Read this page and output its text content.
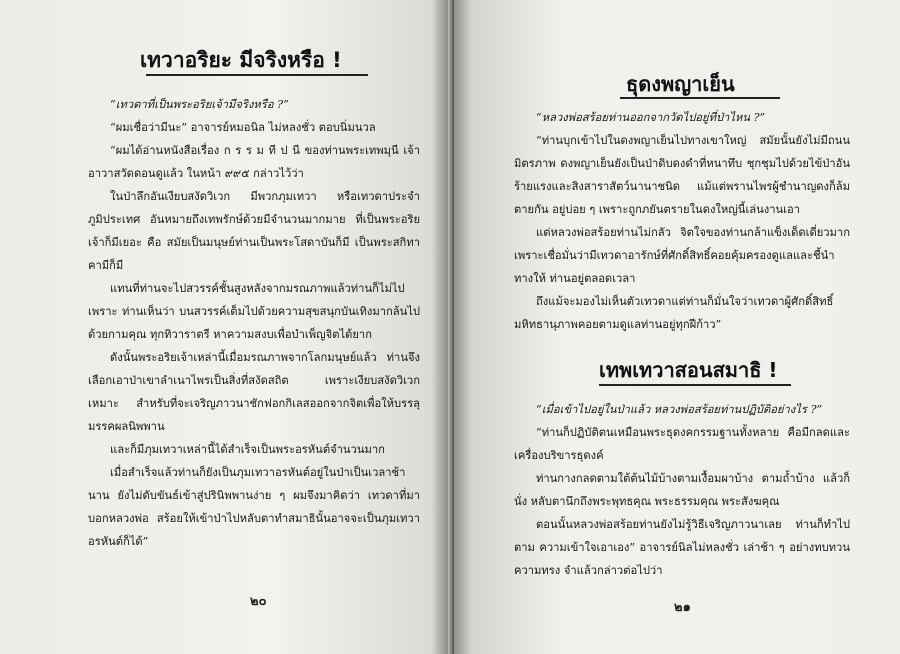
เทวาอริยะ มีจริงหรือ !

“เทวดาที่เป็นพระอริยเจ้ามีจริงหรือ ?”

“ผมเชื่อว่ามีนะ” อาจารย์หมอนิล ไม่หลงชั่ว ตอบนิ่มนวล

“ผมได้อ่านหนังสือเรื่อง ก ร ร ม ที ป นี ของท่านพระเทพมุนี เจ้าอาวาสวัดดอนดูแล้ว ในหน้า ๙๙๕ กล่าวไว้ว่า

ในป่าลึกอันเงียบสงัดวิเวก มีพวกภุมเทวา หรือเทวดาประจำภูมิประเทศ อันหมายถึงเทพรักษ์ด้วยมีจำนวนมากมาย ที่เป็นพระอริยเจ้าก็มีเยอะ คือ สมัยเป็นมนุษย์ท่านเป็นพระโสดาบันก็มี เป็นพระสกิทาคามีก็มี

แทนที่ท่านจะไปสวรรค์ชั้นสูงหลังจากมรณภาพแล้วท่านก็ไม่ไปเพราะ ท่านเห็นว่า บนสวรรค์เต็มไปด้วยความสุขสนุกบันเทิงมากล้นไปด้วยกามคุณ ทุกทิวาราตรี หาความสงบเพื่อบำเพ็ญจิตได้ยาก

ดังนั้นพระอริยเจ้าเหล่านี้เมื่อมรณภาพจากโลกมนุษย์แล้ว ท่านจึง เลือกเอาป่าเขาลำเนาไพรเป็นสิ่งที่สงัดสถิต เพราะเงียบสงัดวิเวก เหมาะ สำหรับที่จะเจริญภาวนาชักฟอกกิเลสออกจากจิตเพื่อให้บรรลุมรรคผลนิพพาน

และก็มีภุมเทวาเหล่านี้ได้สำเร็จเป็นพระอรหันต์จำนวนมาก

เมื่อสำเร็จแล้วท่านก็ยังเป็นภุมเทวาอรหันต์อยู่ในป่าเป็นเวลาช้านาน ยังไม่ดับขันธ์เข้าสู่ปรินิพพานง่าย ๆ ผมจึงมาคิดว่า เทวดาที่มาบอกหลวงพ่อ สร้อยให้เข้าป่าไปหลับตาทำสมาธินั้นอาจจะเป็นภุมเทวาอรหันต์ก็ได้”

๒๐
ธุดงพญาเย็น

“หลวงพ่อสร้อยท่านออกจากวัดไปอยู่ที่ป่าไหน ?”

“ท่านบุกเข้าไปในดงพญาเย็นไปทางเขาใหญ่ สมัยนั้นยังไม่มีถนน มิตรภาพ ดงพญาเย็นยังเป็นป่าดิบดงดำที่หนาทึบ ชุกชุมไปด้วยไข้ป่าอัน ร้ายแรงและสิงสาราสัตว์นานาชนิด แม้แต่พรานไพรผู้ชำนาญดงก็ล้มตายกัน อยู่บ่อย ๆ เพราะถูกภยันตรายในดงใหญ่นี้เล่นงานเอา

แต่หลวงพ่อสร้อยท่านไม่กลัว จิตใจของท่านกล้าแข็งเด็ดเดี่ยวมาก เพราะเชื่อมั่นว่ามีเทวดาอารักษ์ที่ศักดิ์สิทธิ์คอยคุ้มครองดูแลและชี้นำทางให้ ท่านอยู่ตลอดเวลา

ถึงแม้จะมองไม่เห็นตัวเทวดาแต่ท่านก็มั่นใจว่าเทวดาผู้ศักดิ์สิทธิ์ มหิทธานุภาพคอยตามดูแลท่านอยู่ทุกฝีก้าว”

เทพเทวาสอนสมาธิ !

“เมื่อเข้าไปอยู่ในป่าแล้ว หลวงพ่อสร้อยท่านปฏิบัติอย่างไร ?”

“ท่านก็ปฏิบัติตนเหมือนพระธุดงคกรรมฐานทั้งหลาย คือมีกลดและ เครื่องบริขารธุดงค์

ท่านกางกลดตามใต้ต้นไม้บ้างตามเงื้อมผาบ้าง ตามถ้ำบ้าง แล้วก็นั่ง หลับตานึกถึงพระพุทธคุณ พระธรรมคุณ พระสังฆคุณ

ตอนนั้นหลวงพ่อสร้อยท่านยังไม่รู้วิธีเจริญภาวนาเลย ท่านก็ทำไปตาม ความเข้าใจเอาเอง” อาจารย์นิลไม่หลงชั่ว เล่าช้า ๆ อย่างทบทวนความทรง จำแล้วกล่าวต่อไปว่า

๒๑
